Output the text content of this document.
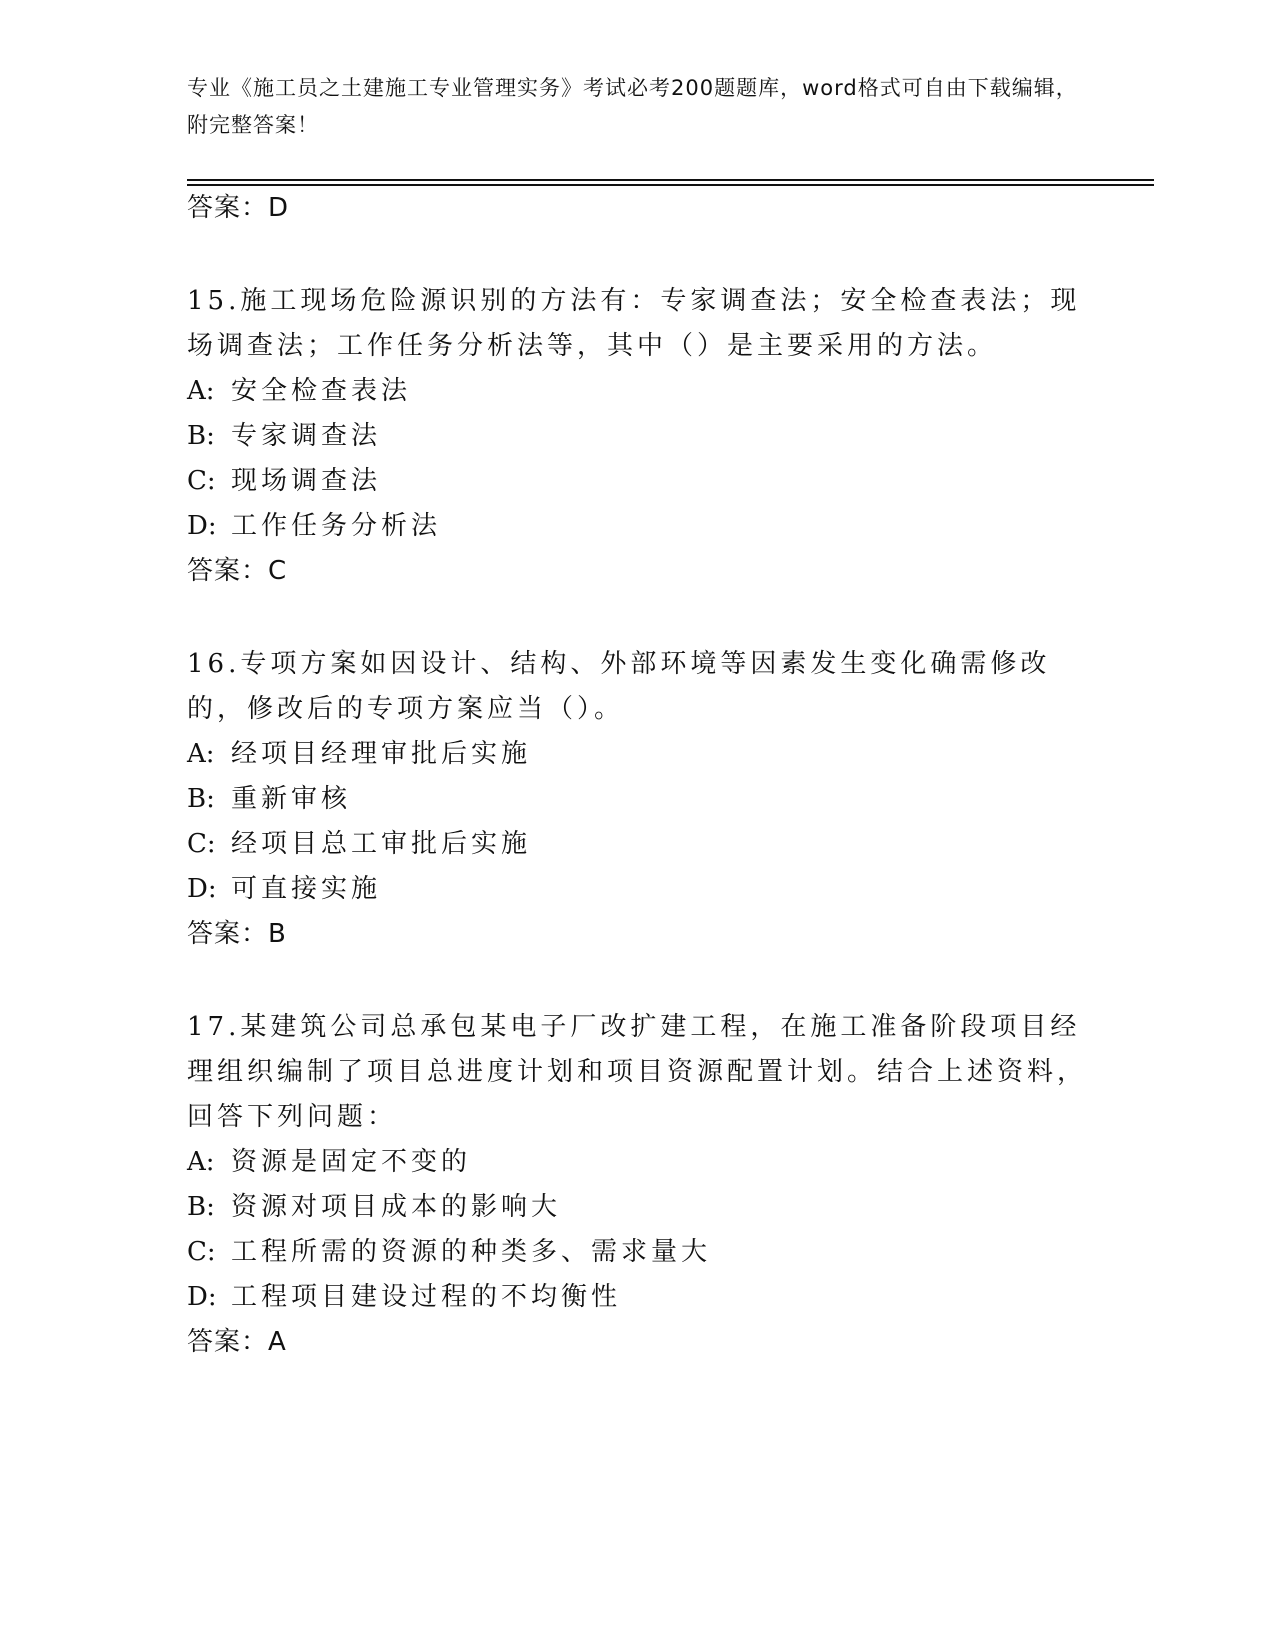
专业《施工员之土建施工专业管理实务》考试必考200题题库，word格式可自由下载编辑，附完整答案！
答案：D
15.施工现场危险源识别的方法有：专家调查法；安全检查表法；现场调查法；工作任务分析法等，其中（）是主要采用的方法。
A: 安全检查表法
B: 专家调查法
C: 现场调查法
D: 工作任务分析法
答案：C
16.专项方案如因设计、结构、外部环境等因素发生变化确需修改的，修改后的专项方案应当（）。
A: 经项目经理审批后实施
B: 重新审核
C: 经项目总工审批后实施
D: 可直接实施
答案：B
17.某建筑公司总承包某电子厂改扩建工程，在施工准备阶段项目经理组织编制了项目总进度计划和项目资源配置计划。结合上述资料，回答下列问题：
A: 资源是固定不变的
B: 资源对项目成本的影响大
C: 工程所需的资源的种类多、需求量大
D: 工程项目建设过程的不均衡性
答案：A
